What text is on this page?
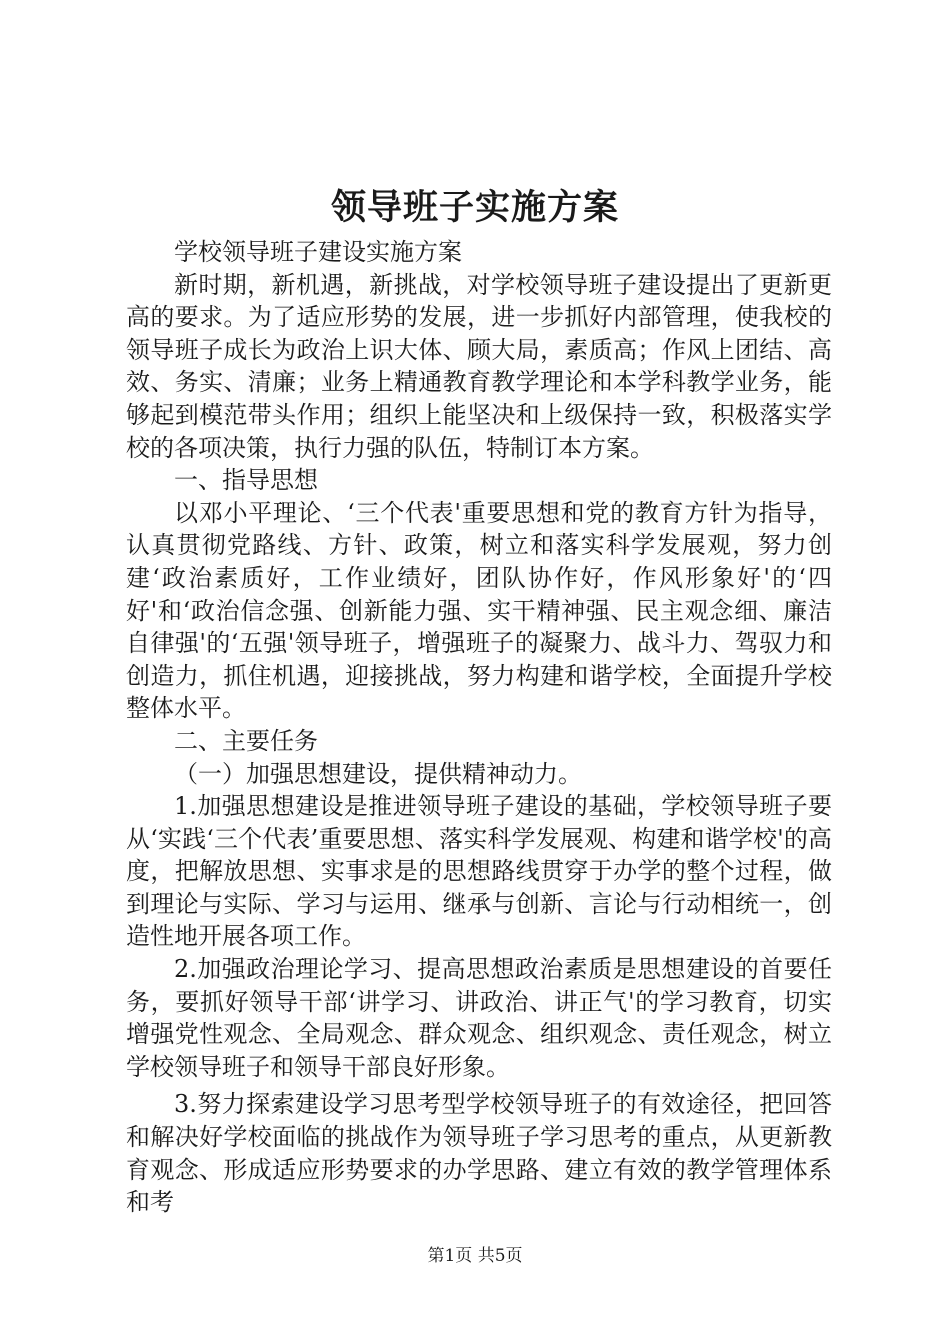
领导班子实施方案

学校领导班子建设实施方案

新时期，新机遇，新挑战，对学校领导班子建设提出了更新更高的要求。为了适应形势的发展，进一步抓好内部管理，使我校的领导班子成长为政治上识大体、顾大局，素质高；作风上团结、高效、务实、清廉；业务上精通教育教学理论和本学科教学业务，能够起到模范带头作用；组织上能坚决和上级保持一致，积极落实学校的各项决策，执行力强的队伍，特制订本方案。

一、指导思想

以邓小平理论、‘三个代表'重要思想和党的教育方针为指导，认真贯彻党路线、方针、政策，树立和落实科学发展观，努力创建‘政治素质好，工作业绩好，团队协作好，作风形象好'的‘四好'和‘政治信念强、创新能力强、实干精神强、民主观念细、廉洁自律强'的‘五强'领导班子，增强班子的凝聚力、战斗力、驾驭力和创造力，抓住机遇，迎接挑战，努力构建和谐学校，全面提升学校整体水平。

二、主要任务

（一）加强思想建设，提供精神动力。

1.加强思想建设是推进领导班子建设的基础，学校领导班子要从‘实践‘三个代表’重要思想、落实科学发展观、构建和谐学校'的高度，把解放思想、实事求是的思想路线贯穿于办学的整个过程，做到理论与实际、学习与运用、继承与创新、言论与行动相统一，创造性地开展各项工作。

2.加强政治理论学习、提高思想政治素质是思想建设的首要任务，要抓好领导干部‘讲学习、讲政治、讲正气'的学习教育，切实增强党性观念、全局观念、群众观念、组织观念、责任观念，树立学校领导班子和领导干部良好形象。

3.努力探索建设学习思考型学校领导班子的有效途径，把回答和解决好学校面临的挑战作为领导班子学习思考的重点，从更新教育观念、形成适应形势要求的办学思路、建立有效的教学管理体系和考

第1页 共5页
